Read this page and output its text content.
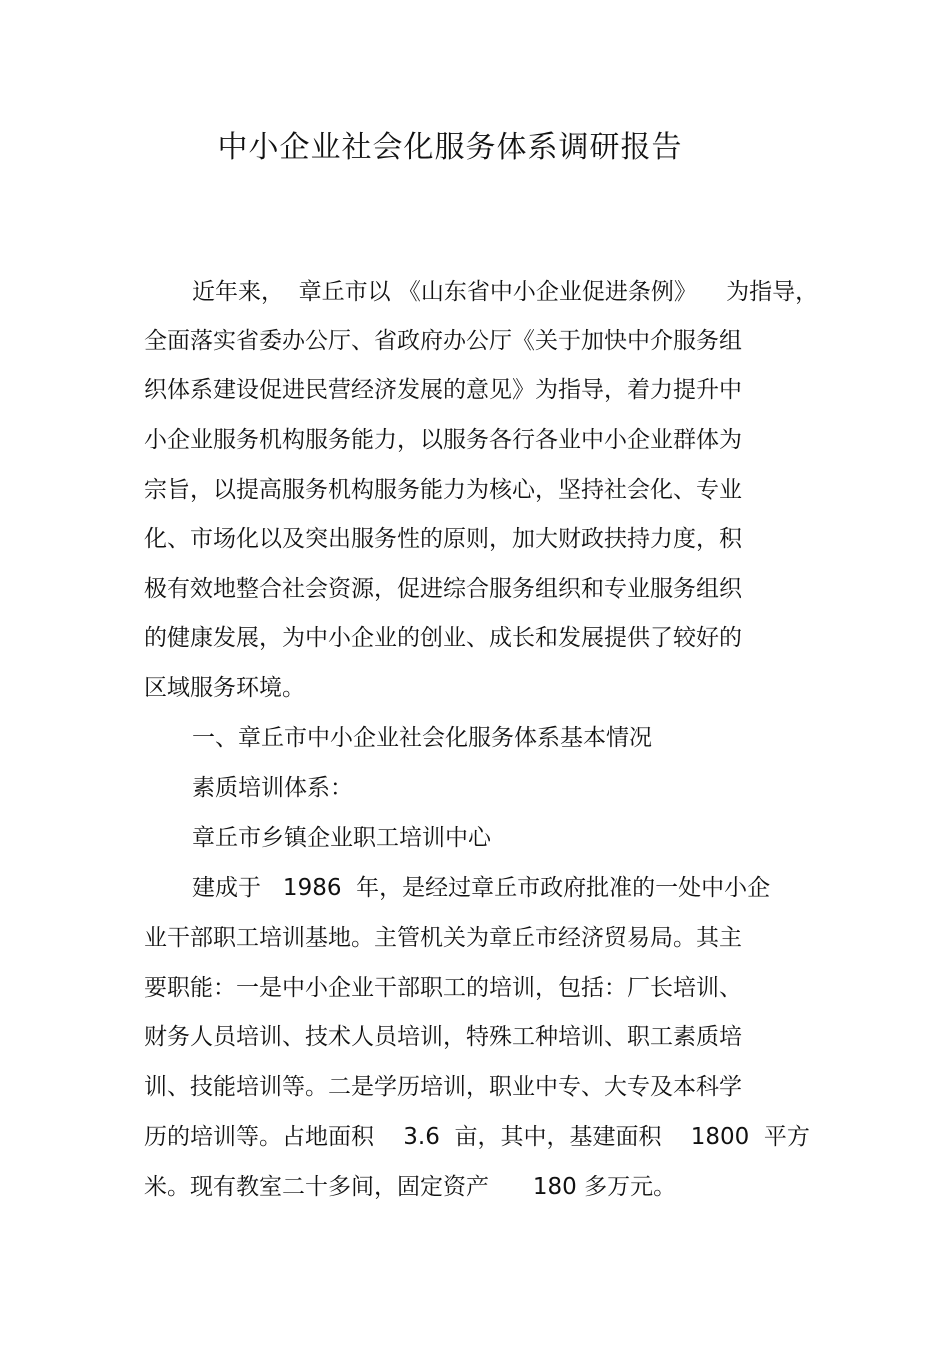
中小企业社会化服务体系调研报告
近年来，  章丘市以 《山东省中小企业促进条例》    为指导，
全面落实省委办公厅、省政府办公厅《关于加快中介服务组
织体系建设促进民营经济发展的意见》为指导，着力提升中
小企业服务机构服务能力，以服务各行各业中小企业群体为
宗旨，以提高服务机构服务能力为核心，坚持社会化、专业
化、市场化以及突出服务性的原则，加大财政扶持力度，积
极有效地整合社会资源，促进综合服务组织和专业服务组织
的健康发展，为中小企业的创业、成长和发展提供了较好的
区域服务环境。
一、章丘市中小企业社会化服务体系基本情况
素质培训体系：
章丘市乡镇企业职工培训中心
建成于   1986  年，是经过章丘市政府批准的一处中小企
业干部职工培训基地。主管机关为章丘市经济贸易局。其主
要职能：一是中小企业干部职工的培训，包括：厂长培训、
财务人员培训、技术人员培训，特殊工种培训、职工素质培
训、技能培训等。二是学历培训，职业中专、大专及本科学
历的培训等。占地面积    3.6  亩，其中，基建面积    1800  平方
米。现有教室二十多间，固定资产      180 多万元。
